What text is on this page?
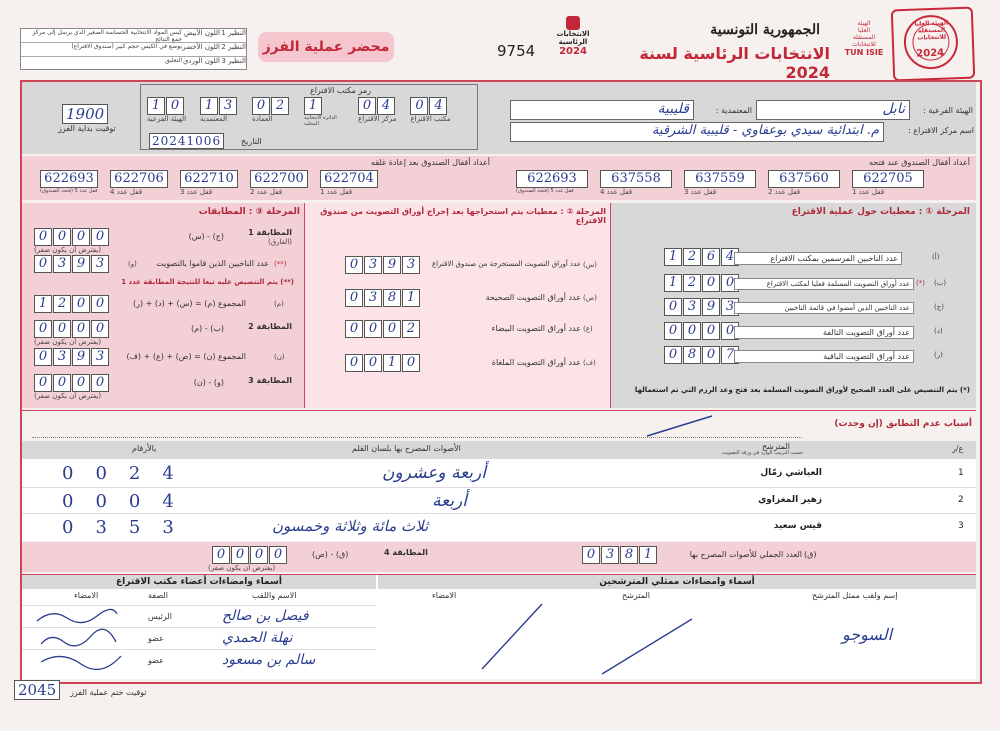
النظير 1
اللون الأبيض
كيس المواد الانتخابية الحساسة الصغير الذي يرسل إلى مركز جمع النتائج
النظير 2
اللون الأخضر
يوضع في الكيس حجم كبير (صندوق الاقتراع)
النظير 3
اللون الوردي
التعليق
محضر عملية الفرز	9754
الانتخابات
الرئاسية
2024
الجمهورية التونسية
الانتخابات الرئاسية لسنة 2024
الهيئة
العليا
المستقلة
للانتخابات
TUN ISIE
الهيئة العليا المستقلة للانتخابات
2024
1900
توقيت بداية الفرز
رمز مكتب الاقتراع
1 0
الهيئة الفرعية
1 3
المعتمدية
0 2
العمادة
1
الدائرة الانتخابية المحلية
0 4
مركز الاقتراع
0 4
مكتب الاقتراع
20241006	التاريخ
الهيئة الفرعية :
نابل
المعتمدية :
قليبية
اسم مركز الاقتراع :
م. ابتدائية سيدي بوعفاوي - قليبية الشرقية
أعداد أقفال الصندوق بعد إعادة غلقه	أعداد أقفال الصندوق عند فتحه
622693
قفل عدد 5 (فتحة الصندوق)
622706
قفل عدد 4
622710
قفل عدد 3
622700
قفل عدد 2
622704
قفل عدد 1
622693
قفل عدد 5 (فتحة الصندوق)
637558
قفل عدد 4
637559
قفل عدد 3
637560
قفل عدد 2
622705
قفل عدد 1
المرحلة ③ : المطابقات
0 0 0 0	(ج) - (س)	المطابقة 1
(الفارق)
(يفترض أن يكون صفر)
0 3 9 3	(و)	عدد الناخبين الذين قاموا بالتصويت (**)
(**) يتم التنصيص عليه تبعا للنتيجة المطابقة عدد 1
1 2 0 0	المجموع (م) = (س) + (د) + (ر)	(م)
0 0 0 0	(ب) - (م)	المطابقة 2
(يفترض أن يكون صفر)
0 3 9 3	المجموع (ن) = (ص) + (ع) + (ف)	(ن)
0 0 0 0	(و) - (ن)	المطابقة 3
(يفترض أن يكون صفر)
المرحلة ② : معطيات يتم استخراجها بعد إخراج أوراق التصويت من صندوق الاقتراع
0 3 9 3	عدد أوراق التصويت المستخرجة من صندوق الاقتراع (س)
0 3 8 1	عدد أوراق التصويت الصحيحة (ص)
0 0 0 2	عدد أوراق التصويت البيضاء (ع)
0 0 1 0	عدد أوراق التصويت الملغاة (ف)
المرحلة ① : معطيات حول عملية الاقتراع
1 2 6 4	عدد الناخبين المرسمين بمكتب الاقتراع	(أ)
1 2 0 0	عدد أوراق التصويت المسلمة فعليا لمكتب الاقتراع (*) (ب)
0 3 9 3	عدد الناخبين الذين أمضوا في قائمة الناخبين	(ج)
0 0 0 0	عدد أوراق التصويت التالفة	(د)
0 8 0 7	عدد أوراق التصويت الباقية	(ر)
(*) يتم التنصيص على العدد الصحيح لأوراق التصويت المسلمة بعد فتح وعد الرزم التي تم استعمالها
أسباب عدم التطابق (إن وجدت)
بالأرقام	الأصوات المصرح بها بلسان القلم	المترشح
حسب الترتيب الوارد في ورقة التصويت	ع/ر
0024	أربعة وعشرون	العياشي زمّال	1
0004	أربعة	زهير المغزاوي	2
0353	ثلاث مائة وثلاثة وخمسون	قيس سعيد	3
0 0 0 0	(ص) - (ق)	المطابقة 4
(يفترض أن يكون صفر)
0 3 8 1	العدد الجملي للأصوات المصرح بها (ق)
أسماء وامضاءات أعضاء مكتب الاقتراع	أسماء وامضاءات ممثلي المترشحين
الامضاء	الصفة	الاسم واللقب	الامضاء	المترشح	إسم ولقب ممثل المترشح
فيصل بن صالح
الرئيس
نهلة الحمدي
عضو
سالم بن مسعود
عضو
السوجو
2045	توقيت ختم عملية الفرز
